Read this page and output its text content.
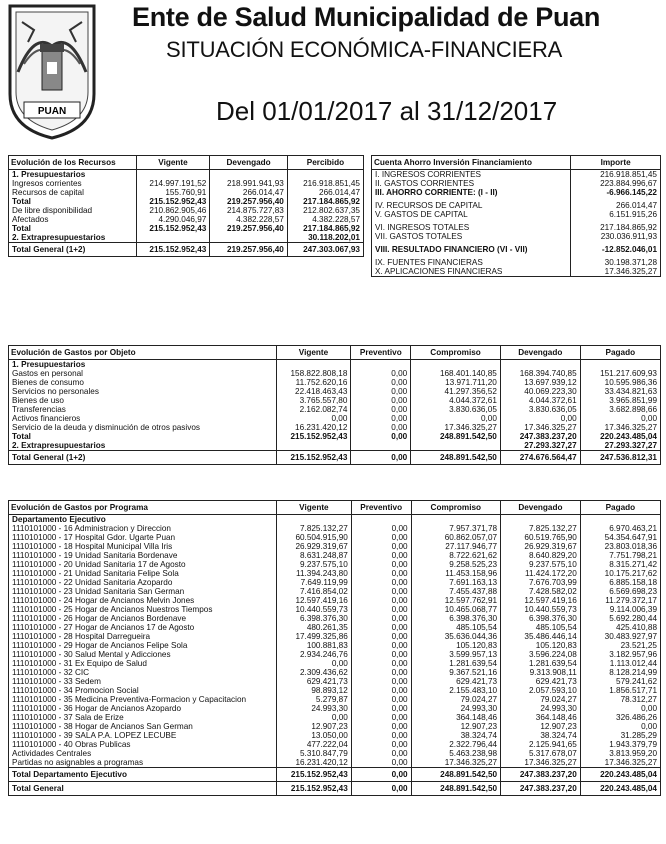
PUAN
Ente de Salud Municipalidad de Puan
SITUACIÓN ECONÓMICA-FINANCIERA
Del 01/01/2017 al 31/12/2017
Evolución de los Recursos	Vigente	Devengado	Percibido
1. Presupuestarios			
Ingresos corrientes	214.997.191,52	218.991.941,93	216.918.851,45
Recursos de capital	155.760,91	266.014,47	266.014,47
Total	215.152.952,43	219.257.956,40	217.184.865,92
De libre disponibilidad	210.862.905,46	214.875.727,83	212.802.637,35
Afectados	4.290.046,97	4.382.228,57	4.382.228,57
Total	215.152.952,43	219.257.956,40	217.184.865,92
2. Extrapresupuestarios			30.118.202,01
Total General (1+2)	215.152.952,43	219.257.956,40	247.303.067,93
Cuenta Ahorro Inversión Financiamiento	Importe
I. INGRESOS CORRIENTES	216.918.851,45
II. GASTOS CORRIENTES	223.884.996,67
III. AHORRO CORRIENTE: (I - II)	-6.966.145,22

IV. RECURSOS DE CAPITAL	266.014,47
V. GASTOS DE CAPITAL	6.151.915,26

VI. INGRESOS TOTALES	217.184.865,92
VII. GASTOS TOTALES	230.036.911,93

VIII. RESULTADO FINANCIERO (VI - VII)	-12.852.046,01

IX. FUENTES FINANCIERAS	30.198.371,28
X. APLICACIONES FINANCIERAS	17.346.325,27
Evolución de Gastos por Objeto	Vigente	Preventivo	Compromiso	Devengado	Pagado
1. Presupuestarios					
Gastos en personal	158.822.808,18	0,00	168.401.140,85	168.394.740,85	151.217.609,93
Bienes de consumo	11.752.620,16	0,00	13.971.711,20	13.697.939,12	10.595.986,36
Servicios no personales	22.418.463,43	0,00	41.297.356,52	40.069.223,30	33.434.821,63
Bienes de uso	3.765.557,80	0,00	4.044.372,61	4.044.372,61	3.965.851,99
Transferencias	2.162.082,74	0,00	3.830.636,05	3.830.636,05	3.682.898,66
Activos financieros	0,00	0,00	0,00	0,00	0,00
Servicio de la deuda y disminución de otros pasivos	16.231.420,12	0,00	17.346.325,27	17.346.325,27	17.346.325,27
Total	215.152.952,43	0,00	248.891.542,50	247.383.237,20	220.243.485,04
2. Extrapresupuestarios				27.293.327,27	27.293.327,27
Total General (1+2)	215.152.952,43	0,00	248.891.542,50	274.676.564,47	247.536.812,31
Evolución de Gastos por Programa	Vigente	Preventivo	Compromiso	Devengado	Pagado
Departamento Ejecutivo					
1110101000 - 16 Administracion y Direccion	7.825.132,27	0,00	7.957.371,78	7.825.132,27	6.970.463,21
1110101000 - 17 Hospital Gdor. Ugarte Puan	60.504.915,90	0,00	60.862.057,07	60.519.765,90	54.354.647,91
1110101000 - 18 Hospital Municipal Villa Iris	26.929.319,67	0,00	27.117.946,77	26.929.319,67	23.803.018,36
1110101000 - 19 Unidad Sanitaria Bordenave	8.631.248,87	0,00	8.722.621,62	8.640.829,20	7.751.798,21
1110101000 - 20 Unidad Sanitaria 17 de Agosto	9.237.575,10	0,00	9.258.525,23	9.237.575,10	8.315.271,42
1110101000 - 21 Unidad Sanitaria Felipe Sola	11.394.243,80	0,00	11.453.158,96	11.424.172,20	10.175.217,62
1110101000 - 22 Unidad Sanitaria Azopardo	7.649.119,99	0,00	7.691.163,13	7.676.703,99	6.885.158,18
1110101000 - 23 Unidad Sanitaria San German	7.416.854,02	0,00	7.455.437,88	7.428.582,02	6.569.698,23
1110101000 - 24 Hogar de Ancianos Melvin Jones	12.597.419,16	0,00	12.597.762,91	12.597.419,16	11.279.372,17
1110101000 - 25 Hogar de Ancianos Nuestros Tiempos	10.440.559,73	0,00	10.465.068,77	10.440.559,73	9.114.006,39
1110101000 - 26 Hogar de Ancianos Bordenave	6.398.376,30	0,00	6.398.376,30	6.398.376,30	5.692.280,44
1110101000 - 27 Hogar de Ancianos 17 de Agosto	480.261,35	0,00	485.105,54	485.105,54	425.410,88
1110101000 - 28 Hospital Darregueira	17.499.325,86	0,00	35.636.044,36	35.486.446,14	30.483.927,97
1110101000 - 29 Hogar de Ancianos Felipe Sola	100.881,83	0,00	105.120,83	105.120,83	23.521,25
1110101000 - 30 Salud Mental y Adicciones	2.934.246,76	0,00	3.599.957,13	3.596.224,08	3.182.957,96
1110101000 - 31 Ex Equipo de Salud	0,00	0,00	1.281.639,54	1.281.639,54	1.113.012,44
1110101000 - 32 CIC	2.309.436,62	0,00	9.367.521,16	9.313.908,11	8.128.214,99
1110101000 - 33 Sedem	629.421,73	0,00	629.421,73	629.421,73	579.241,62
1110101000 - 34 Promocion Social	98.893,12	0,00	2.155.483,10	2.057.593,10	1.856.517,71
1110101000 - 35 Medicina Preventiva-Formacion y Capacitacion	5.279,87	0,00	79.024,27	79.024,27	78.312,27
1110101000 - 36 Hogar de Ancianos Azopardo	24.993,30	0,00	24.993,30	24.993,30	0,00
1110101000 - 37 Sala de Erize	0,00	0,00	364.148,46	364.148,46	326.486,26
1110101000 - 38 Hogar de Ancianos San German	12.907,23	0,00	12.907,23	12.907,23	0,00
1110101000 - 39 SALA P.A. LOPEZ LECUBE	13.050,00	0,00	38.324,74	38.324,74	31.285,29
1110101000 - 40 Obras Publicas	477.222,04	0,00	2.322.796,44	2.125.941,65	1.943.379,79
Actividades Centrales	5.310.847,79	0,00	5.463.238,98	5.317.678,07	3.813.959,20
Partidas no asignables a programas	16.231.420,12	0,00	17.346.325,27	17.346.325,27	17.346.325,27
Total Departamento Ejecutivo	215.152.952,43	0,00	248.891.542,50	247.383.237,20	220.243.485,04
Total General	215.152.952,43	0,00	248.891.542,50	247.383.237,20	220.243.485,04
